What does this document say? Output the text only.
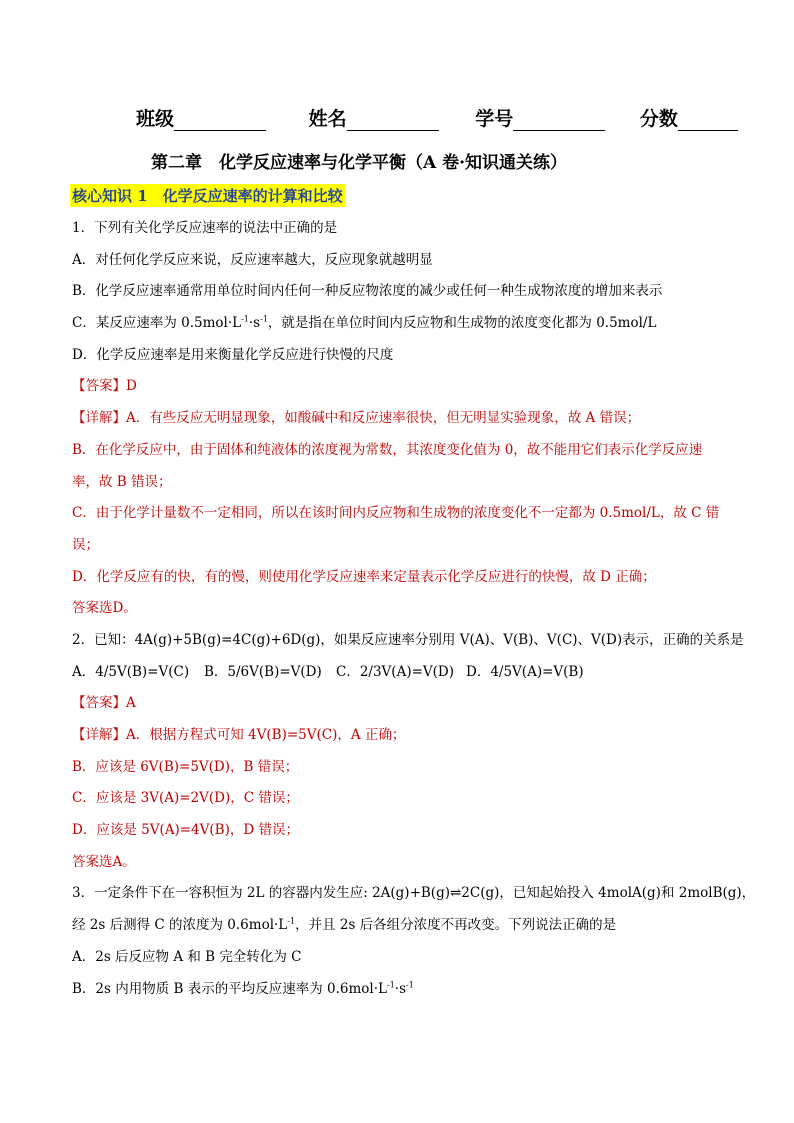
班级	姓名	学号	分数
第二章　化学反应速率与化学平衡（A 卷·知识通关练）
核心知识 1　化学反应速率的计算和比较
1．下列有关化学反应速率的说法中正确的是
A．对任何化学反应来说，反应速率越大，反应现象就越明显
B．化学反应速率通常用单位时间内任何一种反应物浓度的减少或任何一种生成物浓度的增加来表示
C．某反应速率为 $0.5mol\cdot L^{-1}\cdot s^{-1}$，就是指在单位时间内反应物和生成物的浓度变化都为 0.5mol/L
D．化学反应速率是用来衡量化学反应进行快慢的尺度
【答案】D
【详解】A．有些反应无明显现象，如酸碱中和反应速率很快，但无明显实验现象，故 A 错误；
B．在化学反应中，由于固体和纯液体的浓度视为常数，其浓度变化值为 0，故不能用它们表示化学反应速
率，故 B 错误；
C．由于化学计量数不一定相同，所以在该时间内反应物和生成物的浓度变化不一定都为 0.5mol/L，故 C 错
误；
D．化学反应有的快，有的慢，则使用化学反应速率来定量表示化学反应进行的快慢，故 D 正确；
答案选D。
2．已知：4A(g)+5B(g)=4C(g)+6D(g)，如果反应速率分别用 V(A)、V(B)、V(C)、V(D)表示，正确的关系是
A．4/5V(B)=V(C) B．5/6V(B)=V(D) C．2/3V(A)=V(D) D．4/5V(A)=V(B)
【答案】A
【详解】A．根据方程式可知 4V(B)=5V(C)，A 正确；
B．应该是 6V(B)=5V(D)，B 错误；
C．应该是 3V(A)=2V(D)，C 错误；
D．应该是 5V(A)=4V(B)，D 错误；
答案选A。
3．一定条件下在一容积恒为 2L 的容器内发生应: 2A(g)+B(g)⇌2C(g)，已知起始投入 4molA(g)和 2molB(g)，
经 2s 后测得 C 的浓度为 $0.6mol\cdot L^{-1}$，并且 2s 后各组分浓度不再改变。下列说法正确的是
A．2s 后反应物 A 和 B 完全转化为 C
B．2s 内用物质 B 表示的平均反应速率为 $0.6mol\cdot L^{-1}\cdot s^{-1}$
